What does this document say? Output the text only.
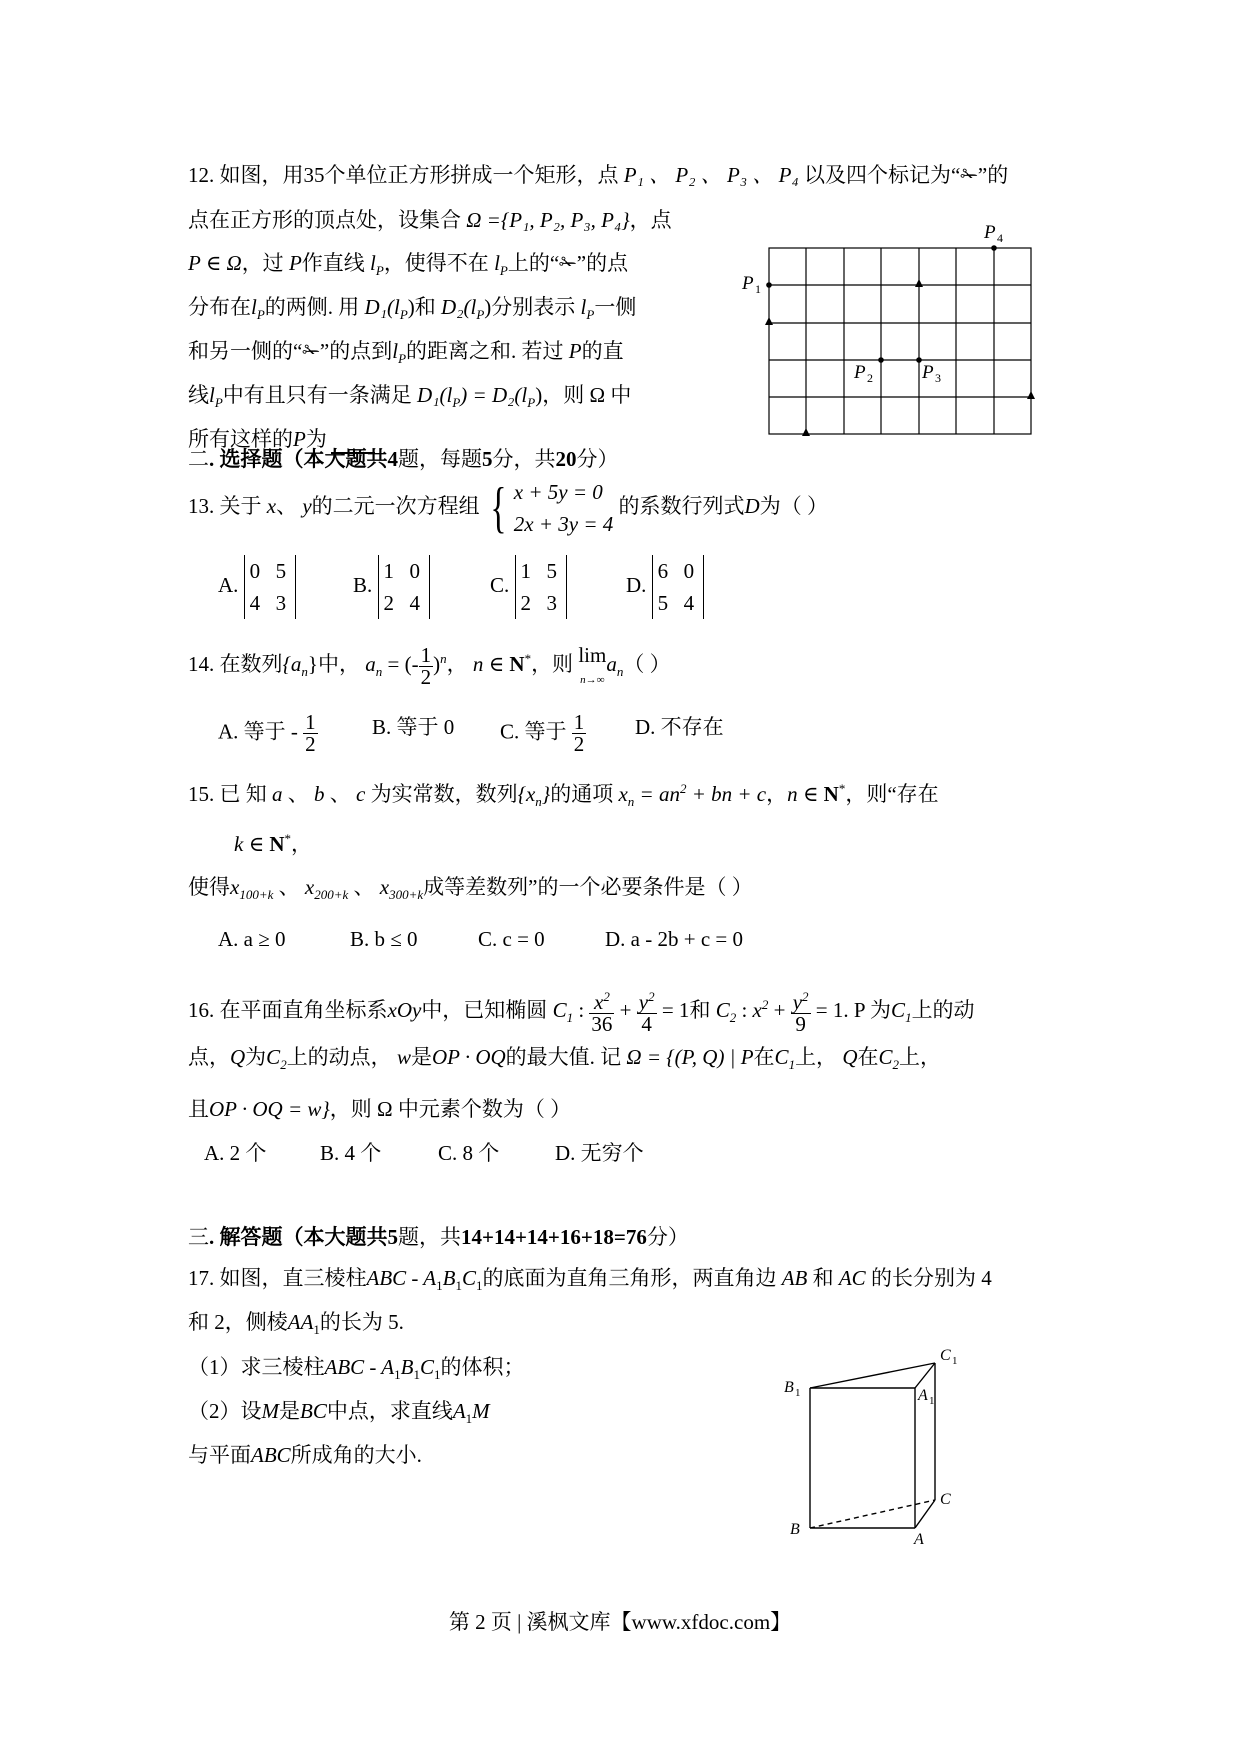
12. 如图，用35个单位正方形拼成一个矩形，点 P₁ 、 P₂ 、 P₃ 、 P₄ 以及四个标记为“✁”的
点在正方形的顶点处，设集合 Ω ={P₁, P₂, P₃, P₄}，点
P ∈ Ω，过 P作直线 $l_P$，使得不在 $l_P$上的“✁”的点
分布在$l_P$的两侧. 用 $D_1(l_P)$和 $D_2(l_P)$分别表示 $l_P$一侧
和另一侧的“✁”的点到$l_P$的距离之和. 若过 P的直
线$l_P$中有且只有一条满足 $D_1(l_P) = D_2(l_P)$，则 Ω 中
所有这样的P为
P 1
P 2	P 3
P 4
二. 选择题（本大题共4题，每题5分，共20分）
13. 关于 x、 y的二元一次方程组 { x + 5y = 0
2x + 3y = 4
的系数行列式D为（ ）
A.
0 5
4 3
B.
1 0
2 4
C.
1 5
2 3
D.
6 0
5 4
14. 在数列$\{a_n\}$中， $a_n$ = (- $\frac{1}{2} )^n$， n ∈ N*，则 lim
$n\to\infty a_n$（ ）
A. 等于 - $\frac{1}{2}$	B. 等于 0 C. 等于 $\frac{1}{2} D$. 不存在
15. 已 知 a 、 b 、 c 为实常数，数列$\{x_n\}$的通项 $x_n = an^2$ + bn + c，n ∈ N*，则“存在
k ∈ N*，
使得$x_{100+k}$ 、 $x_{200+k}$ 、 $x_{300+k}$成等差数列”的一个必要条件是（ ）
A. a ≥ 0	B. b ≤ 0	C. c = 0	D. a - 2b + c = 0
16. 在平面直角坐标系xOy中，已知椭圆 $C_1$ : $\frac{x^2}{36} + \frac{y^2}{4} = 1$和 $C_2$ : $x^2 + \frac{y^2}{9} = 1$. P 为$C_1$上的动
点，Q为$C_2$上的动点， w是OP · OQ的最大值. 记 Ω = {(P, Q) | P在$C_1$上， Q在$C_2$上，
且OP · OQ = w}，则 Ω 中元素个数为（ ）
A. 2 个	B. 4 个	C. 8 个	D. 无穷个
三. 解答题（本大题共5题，共14+14+14+16+18=76分）
17. 如图，直三棱柱ABC - $A_1B_1C_1$的底面为直角三角形，两直角边 AB 和 AC 的长分别为 4
和 2，侧棱$AA_1$的长为 5.
（1）求三棱柱ABC - $A_1B_1C_1$的体积；
（2）设M是BC中点，求直线$A_1M$
与平面ABC所成角的大小.
B 1	A 1
C 1
B
A
C
第 2 页 | 溪枫文库【www.xfdoc.com】
